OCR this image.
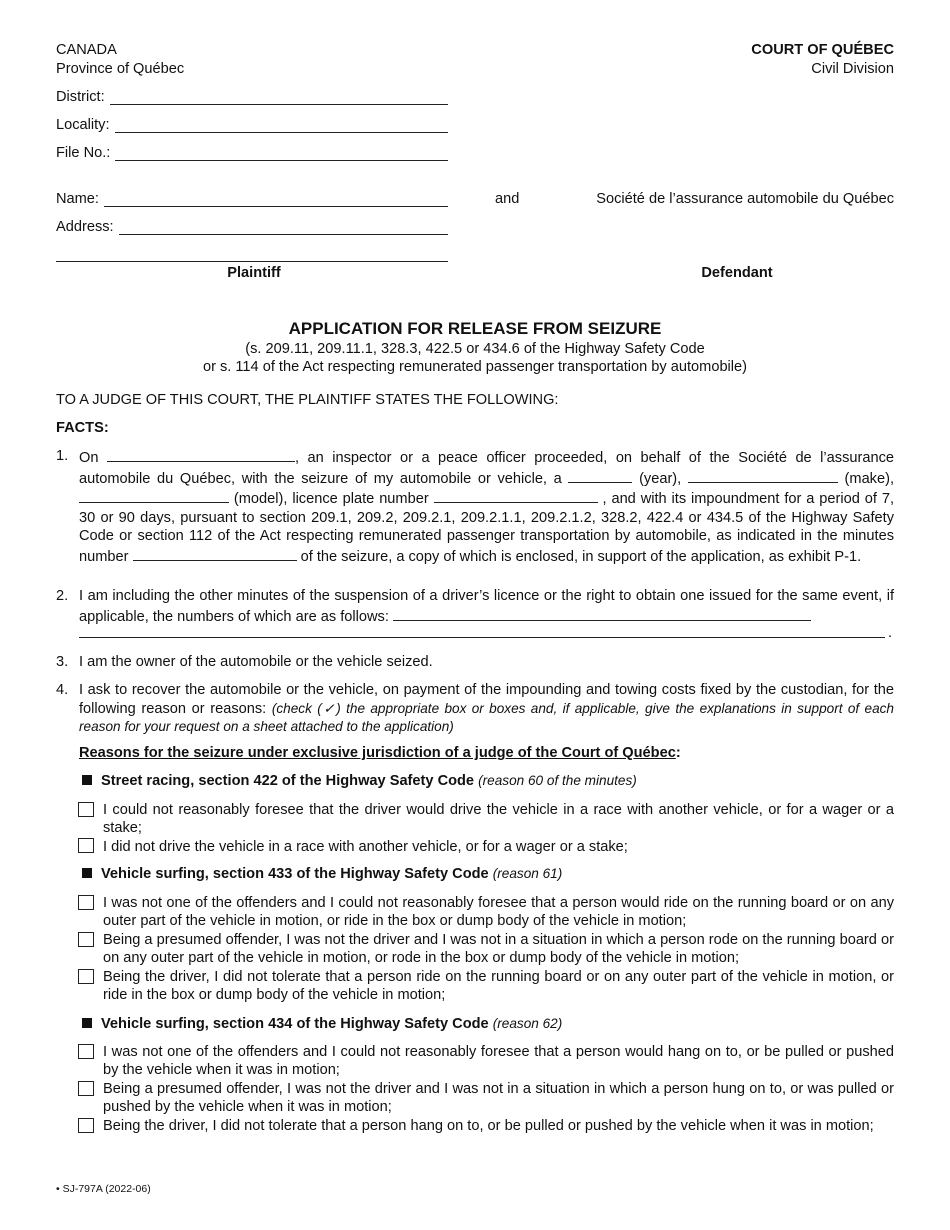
CANADA
Province of Québec
COURT OF QUÉBEC
Civil Division
District:
Locality:
File No.:
Name:
Address:
and	Société de l’assurance automobile du Québec
Plaintiff	Defendant
APPLICATION FOR RELEASE FROM SEIZURE
(s. 209.11, 209.11.1, 328.3, 422.5 or 434.6 of the Highway Safety Code
or s. 114 of the Act respecting remunerated passenger transportation by automobile)
TO A JUDGE OF THIS COURT, THE PLAINTIFF STATES THE FOLLOWING:
FACTS:
1. On	, an inspector or a peace officer proceeded, on behalf of the Société de l’assurance automobile du Québec, with the seizure of my automobile or vehicle, a	(year),	(make),  (model), licence plate number	, and with its impoundment for a period of 7, 30 or 90 days, pursuant to section 209.1, 209.2, 209.2.1, 209.2.1.1, 209.2.1.2, 328.2, 422.4 or 434.5 of the Highway Safety Code or section 112 of the Act respecting remunerated passenger transportation by automobile, as indicated in the minutes number	of the seizure, a copy of which is enclosed, in support of the application, as exhibit P-1.
2. I am including the other minutes of the suspension of a driver’s licence or the right to obtain one issued for the same event, if applicable, the numbers of which are as follows:
.
3. I am the owner of the automobile or the vehicle seized.
4. I ask to recover the automobile or the vehicle, on payment of the impounding and towing costs fixed by the custodian, for the following reason or reasons: (check (✓) the appropriate box or boxes and, if applicable, give the explanations in support of each reason for your request on a sheet attached to the application)
Reasons for the seizure under exclusive jurisdiction of a judge of the Court of Québec:
Street racing, section 422 of the Highway Safety Code (reason 60 of the minutes)
I could not reasonably foresee that the driver would drive the vehicle in a race with another vehicle, or for a wager or a stake;
I did not drive the vehicle in a race with another vehicle, or for a wager or a stake;
Vehicle surfing, section 433 of the Highway Safety Code (reason 61)
I was not one of the offenders and I could not reasonably foresee that a person would ride on the running board or on any outer part of the vehicle in motion, or ride in the box or dump body of the vehicle in motion;
Being a presumed offender, I was not the driver and I was not in a situation in which a person rode on the running board or on any outer part of the vehicle in motion, or rode in the box or dump body of the vehicle in motion;
Being the driver, I did not tolerate that a person ride on the running board or on any outer part of the vehicle in motion, or ride in the box or dump body of the vehicle in motion;
Vehicle surfing, section 434 of the Highway Safety Code (reason 62)
I was not one of the offenders and I could not reasonably foresee that a person would hang on to, or be pulled or pushed by the vehicle when it was in motion;
Being a presumed offender, I was not the driver and I was not in a situation in which a person hung on to, or was pulled or pushed by the vehicle when it was in motion;
Being the driver, I did not tolerate that a person hang on to, or be pulled or pushed by the vehicle when it was in motion;
• SJ-797A (2022-06)
